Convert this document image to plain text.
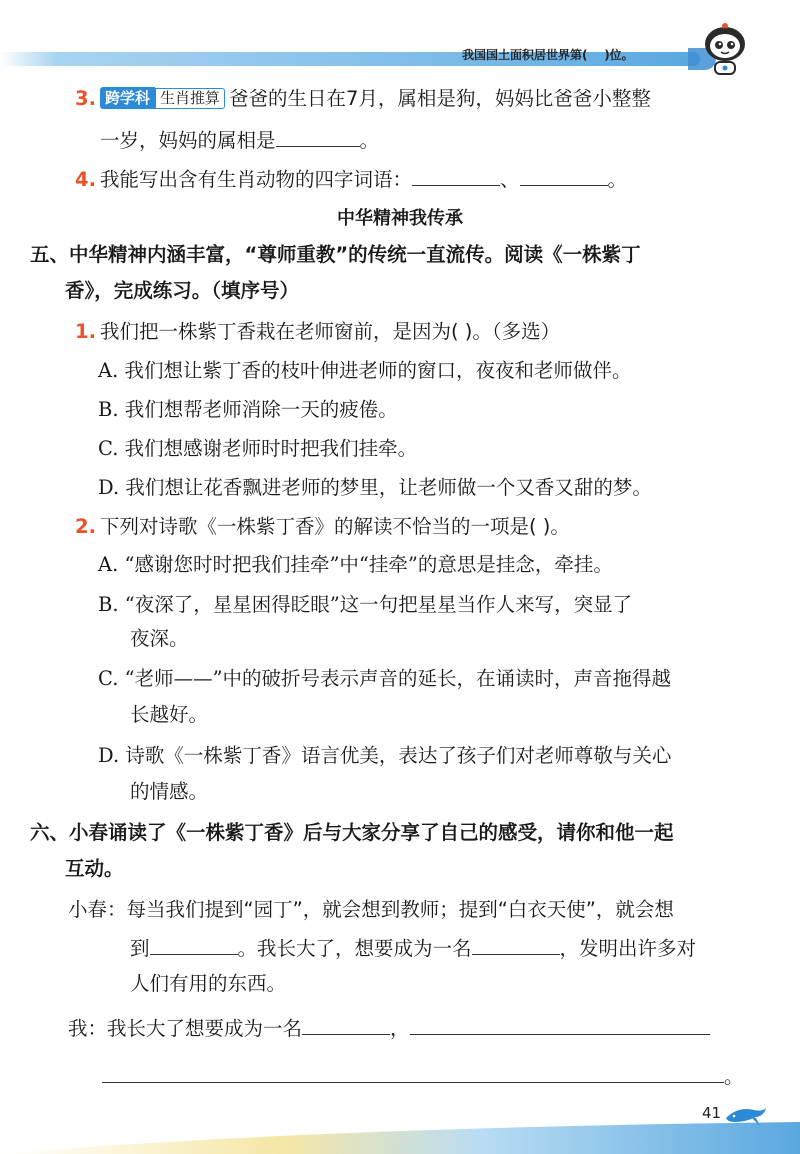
我国国土面积居世界第(    )位。
3. 跨学科 生肖推算 爸爸的生日在7月，属相是狗，妈妈比爸爸小整整
一岁，妈妈的属相是	。
4. 我能写出含有生肖动物的四字词语：	、	。
中华精神我传承
五、中华精神内涵丰富，“尊师重教”的传统一直流传。阅读《一株紫丁
香》，完成练习。（填序号）
1. 我们把一株紫丁香栽在老师窗前，是因为( )。（多选）
A. 我们想让紫丁香的枝叶伸进老师的窗口，夜夜和老师做伴。
B. 我们想帮老师消除一天的疲倦。
C. 我们想感谢老师时时把我们挂牵。
D. 我们想让花香飘进老师的梦里，让老师做一个又香又甜的梦。
2. 下列对诗歌《一株紫丁香》的解读不恰当的一项是( )。
A. “感谢您时时把我们挂牵”中“挂牵”的意思是挂念，牵挂。
B. “夜深了，星星困得眨眼”这一句把星星当作人来写，突显了
夜深。
C. “老师——”中的破折号表示声音的延长，在诵读时，声音拖得越
长越好。
D. 诗歌《一株紫丁香》语言优美，表达了孩子们对老师尊敬与关心
的情感。
六、小春诵读了《一株紫丁香》后与大家分享了自己的感受，请你和他一起
互动。
小春：每当我们提到“园丁”，就会想到教师；提到“白衣天使”，就会想
到	。我长大了，想要成为一名	，发明出许多对
人们有用的东西。
我：我长大了想要成为一名	，
。
41
